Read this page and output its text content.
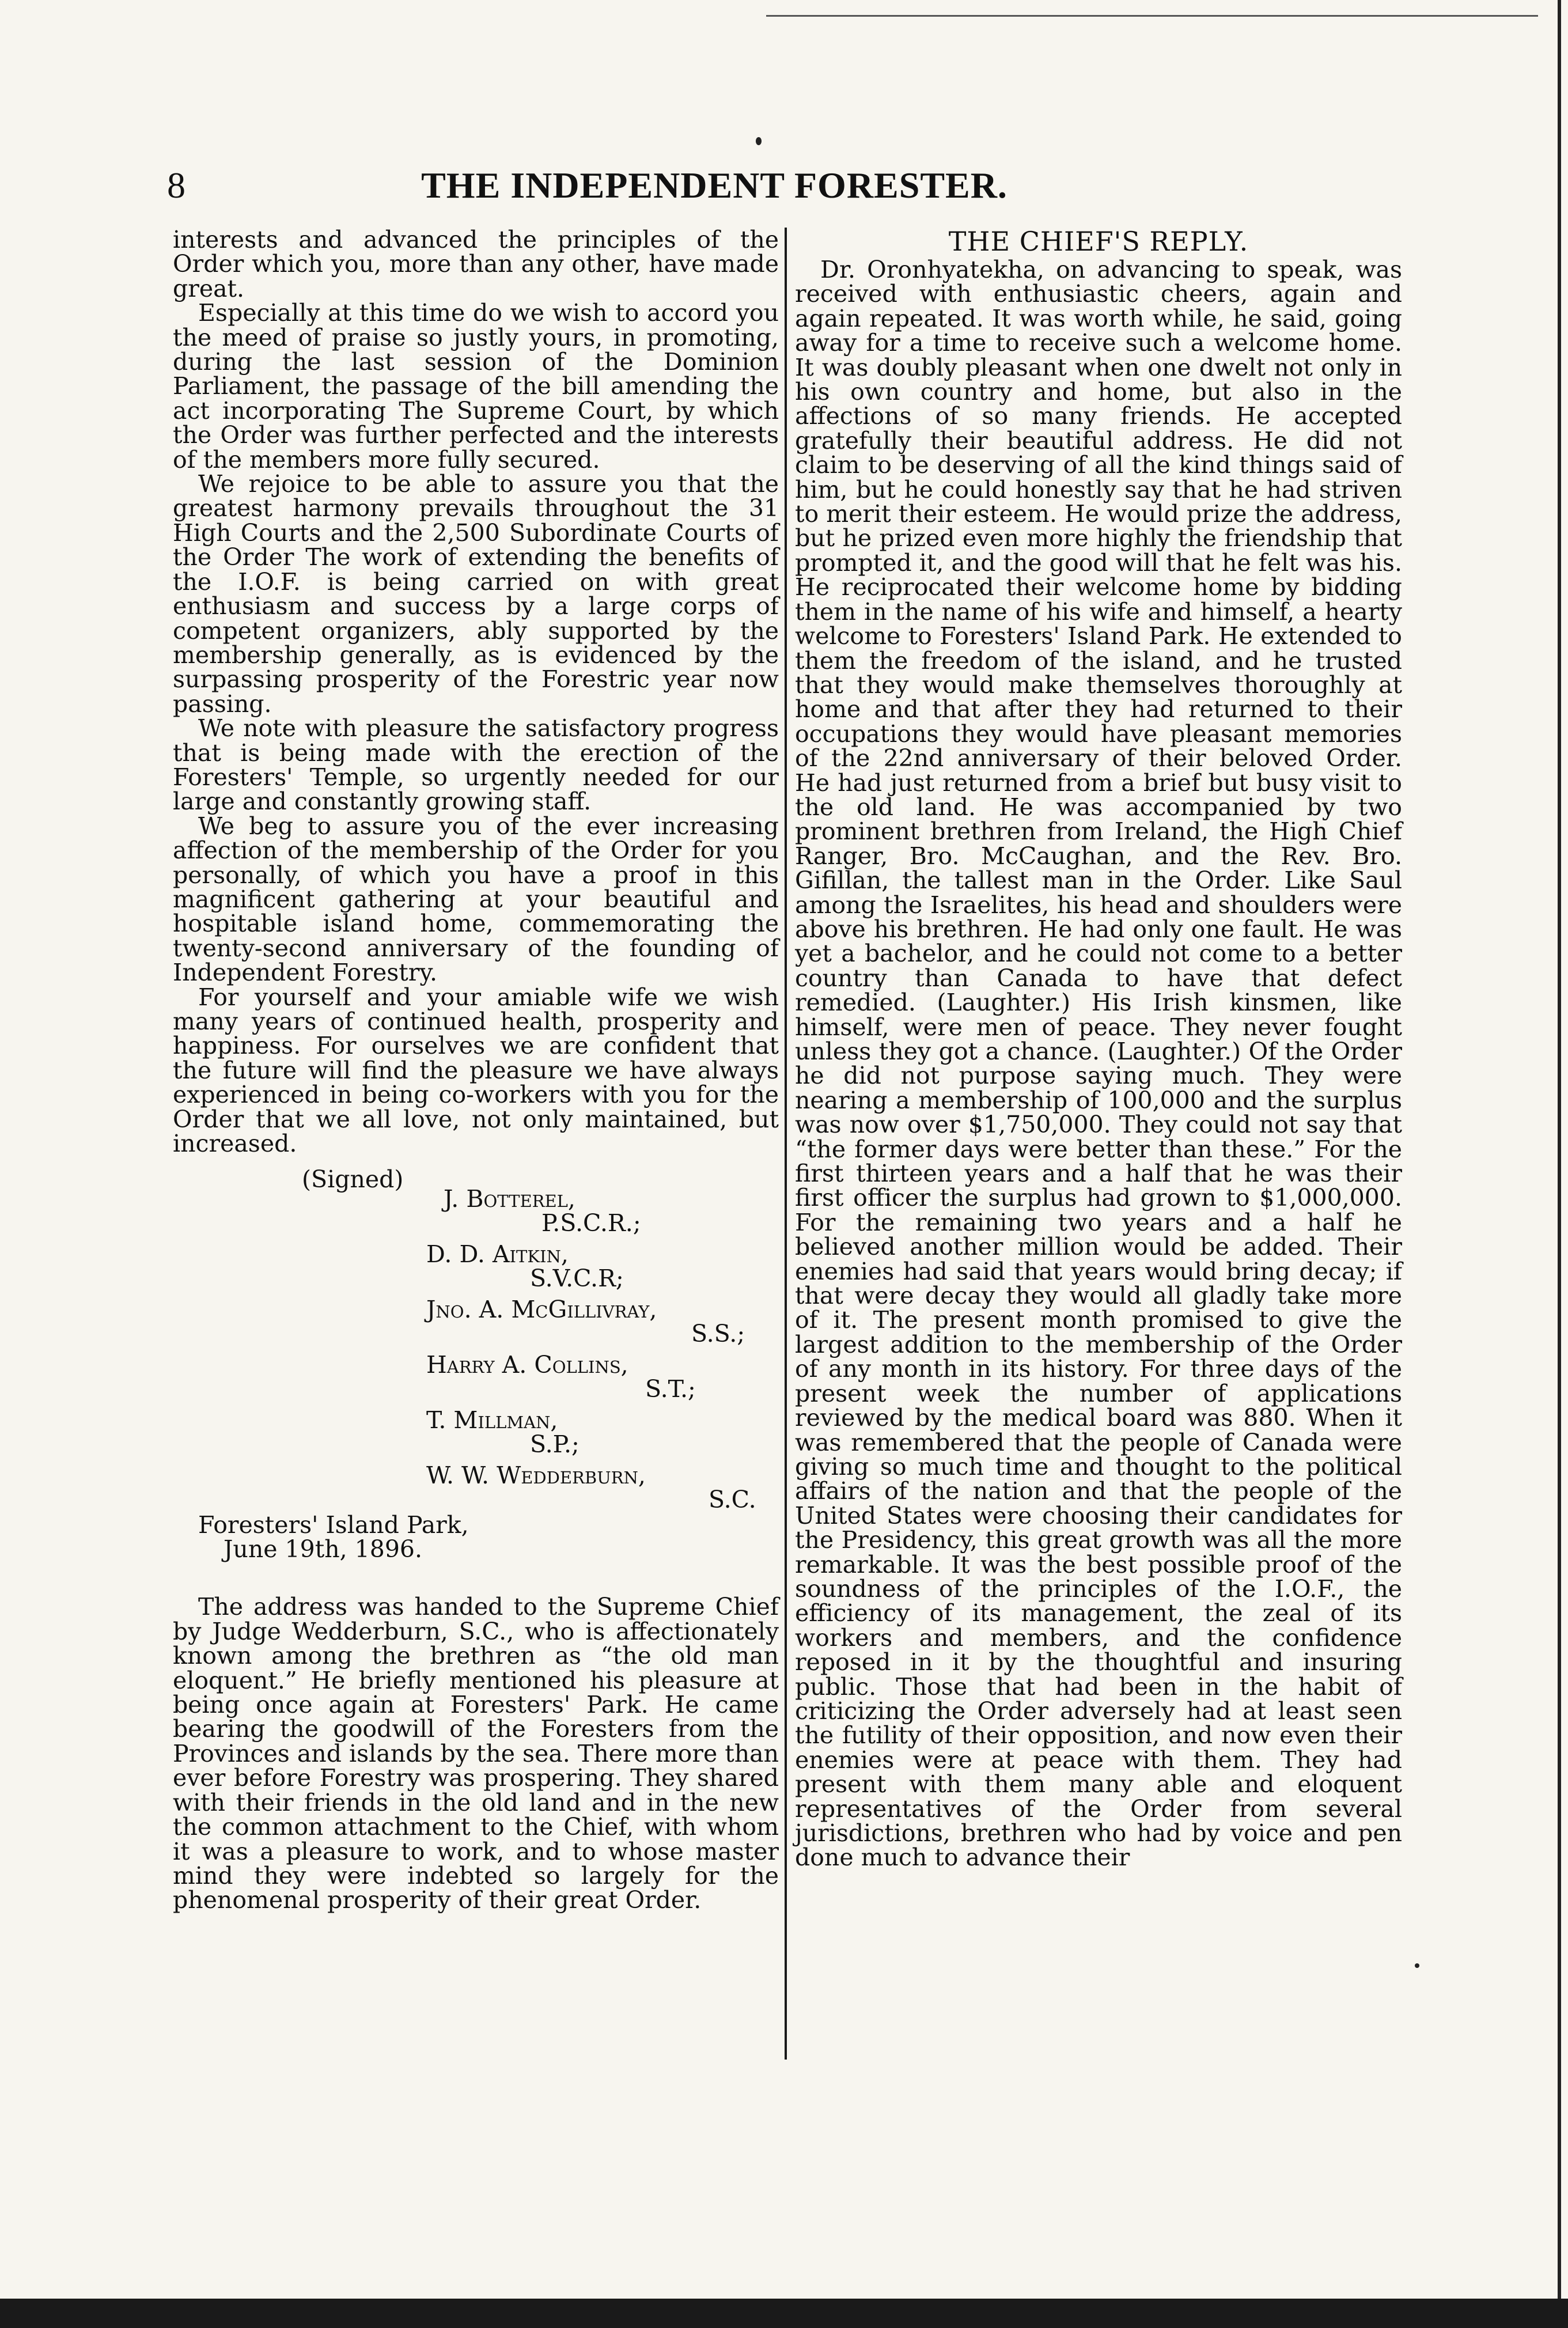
8	THE INDEPENDENT FORESTER.

interests and advanced the principles of the Order which you, more than any other, have made great.

Especially at this time do we wish to accord you the meed of praise so justly yours, in promoting, during the last session of the Dominion Parliament, the passage of the bill amending the act incorporating The Supreme Court, by which the Order was further perfected and the interests of the members more fully secured.

We rejoice to be able to assure you that the greatest harmony prevails throughout the 31 High Courts and the 2,500 Subordinate Courts of the Order The work of extending the benefits of the I.O.F. is being carried on with great enthusiasm and success by a large corps of competent organizers, ably supported by the membership generally, as is evidenced by the surpassing prosperity of the Forestric year now passing.

We note with pleasure the satisfactory progress that is being made with the erection of the Foresters' Temple, so urgently needed for our large and constantly growing staff.

We beg to assure you of the ever increasing affection of the membership of the Order for you personally, of which you have a proof in this magnificent gathering at your beautiful and hospitable island home, commemorating the twenty-second anniversary of the founding of Independent Forestry.

For yourself and your amiable wife we wish many years of continued health, prosperity and happiness. For ourselves we are confident that the future will find the pleasure we have always experienced in being co-workers with you for the Order that we all love, not only maintained, but increased.

(Signed)
J. Botterel,
P.S.C.R.;
D. D. Aitkin,
S.V.C.R;
Jno. A. McGillivray,
S.S.;
Harry A. Collins,
S.T.;
T. Millman,
S.P.;
W. W. Wedderburn,
S.C.
Foresters' Island Park,
June 19th, 1896.

The address was handed to the Supreme Chief by Judge Wedderburn, S.C., who is affectionately known among the brethren as “the old man eloquent.” He briefly mentioned his pleasure at being once again at Foresters' Park. He came bearing the goodwill of the Foresters from the Provinces and islands by the sea. There more than ever before Forestry was prospering. They shared with their friends in the old land and in the new the common attachment to the Chief, with whom it was a pleasure to work, and to whose master mind they were indebted so largely for the phenomenal prosperity of their great Order.

THE CHIEF'S REPLY.

Dr. Oronhyatekha, on advancing to speak, was received with enthusiastic cheers, again and again repeated. It was worth while, he said, going away for a time to receive such a welcome home. It was doubly pleasant when one dwelt not only in his own country and home, but also in the affections of so many friends. He accepted gratefully their beautiful address. He did not claim to be deserving of all the kind things said of him, but he could honestly say that he had striven to merit their esteem. He would prize the address, but he prized even more highly the friendship that prompted it, and the good will that he felt was his. He reciprocated their welcome home by bidding them in the name of his wife and himself, a hearty welcome to Foresters' Island Park. He extended to them the freedom of the island, and he trusted that they would make themselves thoroughly at home and that after they had returned to their occupations they would have pleasant memories of the 22nd anniversary of their beloved Order. He had just returned from a brief but busy visit to the old land. He was accompanied by two prominent brethren from Ireland, the High Chief Ranger, Bro. McCaughan, and the Rev. Bro. Gifillan, the tallest man in the Order. Like Saul among the Israelites, his head and shoulders were above his brethren. He had only one fault. He was yet a bachelor, and he could not come to a better country than Canada to have that defect remedied. (Laughter.) His Irish kinsmen, like himself, were men of peace. They never fought unless they got a chance. (Laughter.) Of the Order he did not purpose saying much. They were nearing a membership of 100,000 and the surplus was now over $1,750,000. They could not say that “the former days were better than these.” For the first thirteen years and a half that he was their first officer the surplus had grown to $1,000,000. For the remaining two years and a half he believed another million would be added. Their enemies had said that years would bring decay; if that were decay they would all gladly take more of it. The present month promised to give the largest addition to the membership of the Order of any month in its history. For three days of the present week the number of applications reviewed by the medical board was 880. When it was remembered that the people of Canada were giving so much time and thought to the political affairs of the nation and that the people of the United States were choosing their candidates for the Presidency, this great growth was all the more remarkable. It was the best possible proof of the soundness of the principles of the I.O.F., the efficiency of its management, the zeal of its workers and members, and the confidence reposed in it by the thoughtful and insuring public. Those that had been in the habit of criticizing the Order adversely had at least seen the futility of their opposition, and now even their enemies were at peace with them. They had present with them many able and eloquent representatives of the Order from several jurisdictions, brethren who had by voice and pen done much to advance their
